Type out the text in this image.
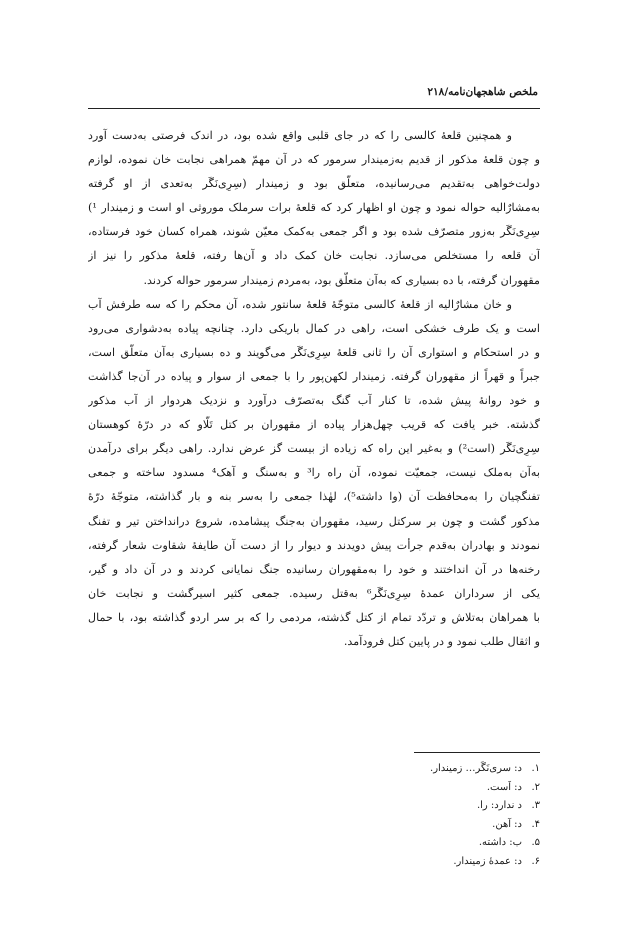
ملخص شاهجهان‌نامه/۲۱۸
و همچنین قلعهٔ کالسی را که در جای قلبی واقع شده بود، در اندک فرصتی به‌دست آورد
و چون قلعهٔ مذکور از قدیم به‌زمیندار سرمور که در آن مهمّ همراهی نجابت خان نموده، لوازم
دولت‌خواهی به‌تقدیم می‌رسانیده، متعلّق بود و زمیندار (سِرِی‌نَگَر به‌تعدی از او گرفته
به‌مشارٌالیه حواله نمود و چون او اظهار کرد که قلعهٔ برات سرملک موروثی او است و زمیندار ¹)
سِرِی‌نَگَر به‌زور متصرّف شده بود و اگر جمعی به‌کمک معیّن شوند، همراه کسان خود فرستاده،
آن قلعه را مستخلص می‌سازد. نجابت خان کمک داد و آن‌ها رفته، قلعهٔ مذکور را نیز از
مقهوران گرفته، با ده بسیاری که به‌آن متعلّق بود، به‌مردم زمیندار سرمور حواله کردند.
و خان مشارٌالیه از قلعهٔ کالسی متوجّهٔ قلعهٔ سانتور شده، آن محکم را که سه طرفش آب
است و یک طرف خشکی است، راهی در کمال باریکی دارد. چنانچه پیاده به‌دشواری می‌رود
و در استحکام و استواری آن را ثانی قلعهٔ سِرِی‌نَگَر می‌گویند و ده بسیاری به‌آن متعلّق است،
جبراً و قهراً از مقهوران گرفته. زمیندار لکهن‌پور را با جمعی از سوار و پیاده در آن‌جا گذاشت
و خود روانهٔ پیش شده، تا کنار آب گنگ به‌تصرّف درآورد و نزدیک هردوار از آب مذکور
گذشته. خبر یافت که قریب چهل‌هزار پیاده از مقهوران بر کتل تَلّاو که در درّهٔ کوهستان
سِرِی‌نَگَر (است²) و به‌غیر این راه که زیاده از بیست گز عرض ندارد. راهی دیگر برای درآمدن
به‌آن به‌ملک نیست، جمعیّت نموده، آن راه را³ و به‌سنگ و آهک⁴ مسدود ساخته و جمعی
تفنگچیان را به‌محافظت آن (وا داشته⁵)، لهٰذا جمعی را به‌سر بنه و بار گذاشته، متوجّهٔ درّهٔ
مذکور گشت و چون بر سرکتل رسید، مقهوران به‌جنگ پیشامده، شروع درانداختن تیر و تفنگ
نمودند و بهادران به‌قدم جرأت پیش دویدند و دیوار را از دست آن طایفهٔ شقاوت شعار گرفته،
رخنه‌ها در آن انداختند و خود را به‌مقهوران رسانیده جنگ نمایانی کردند و در آن داد و گیر،
یکی از سرداران عمدهٔ سِرِی‌نَگَر⁶ به‌قتل رسیده. جمعی کثیر اسیرگشت و نجابت خان
با همراهان به‌تلاش و تردّد تمام از کتل گذشته، مردمی را که بر سر اردو گذاشته بود، با حمال
و اثقال طلب نمود و در پایین کتل فرودآمد.
۱.د: سری‌نَگَر… زمیندار.
۲.د: اَست.
۳.د ندارد: را.
۴.د: آهن.
۵.ب: داشته.
۶.د: عمدهٔ زمیندار.
